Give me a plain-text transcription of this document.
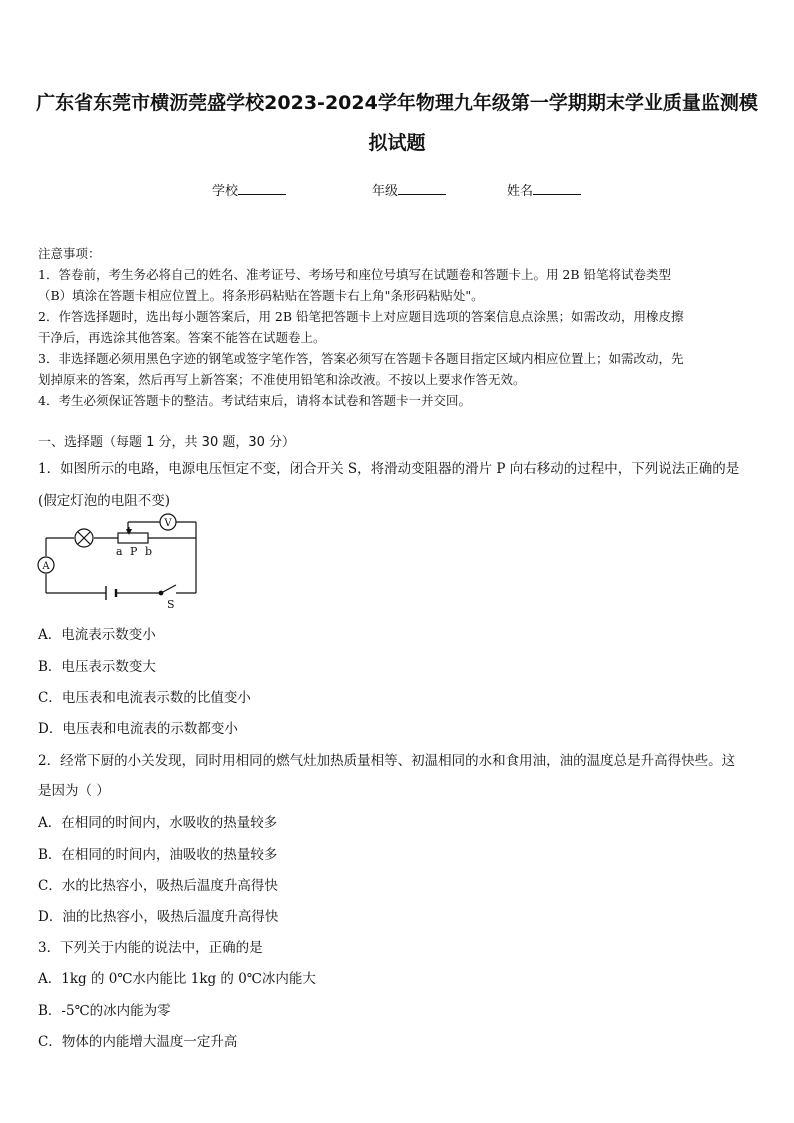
广东省东莞市横沥莞盛学校2023-2024学年物理九年级第一学期期末学业质量监测模
拟试题
学校	年级	姓名
注意事项：
1．答卷前，考生务必将自己的姓名、准考证号、考场号和座位号填写在试题卷和答题卡上。用 2B 铅笔将试卷类型
（B）填涂在答题卡相应位置上。将条形码粘贴在答题卡右上角"条形码粘贴处"。
2．作答选择题时，选出每小题答案后，用 2B 铅笔把答题卡上对应题目选项的答案信息点涂黑；如需改动，用橡皮擦
干净后，再选涂其他答案。答案不能答在试题卷上。
3．非选择题必须用黑色字迹的钢笔或签字笔作答，答案必须写在答题卡各题目指定区域内相应位置上；如需改动，先
划掉原来的答案，然后再写上新答案；不准使用铅笔和涂改液。不按以上要求作答无效。
4．考生必须保证答题卡的整洁。考试结束后，请将本试卷和答题卡一并交回。
一、选择题（每题 1 分，共 30 题，30 分）
1．如图所示的电路，电源电压恒定不变，闭合开关 S，将滑动变阻器的滑片 P 向右移动的过程中，下列说法正确的是
(假定灯泡的电阻不变)
V
A
a P b
S
A．电流表示数变小
B．电压表示数变大
C．电压表和电流表示数的比值变小
D．电压表和电流表的示数都变小
2．经常下厨的小关发现，同时用相同的燃气灶加热质量相等、初温相同的水和食用油，油的温度总是升高得快些。这
是因为（ ）
A．在相同的时间内，水吸收的热量较多
B．在相同的时间内，油吸收的热量较多
C．水的比热容小，吸热后温度升高得快
D．油的比热容小，吸热后温度升高得快
3．下列关于内能的说法中，正确的是
A．1kg 的 0℃水内能比 1kg 的 0℃冰内能大
B．-5℃的冰内能为零
C．物体的内能增大温度一定升高
